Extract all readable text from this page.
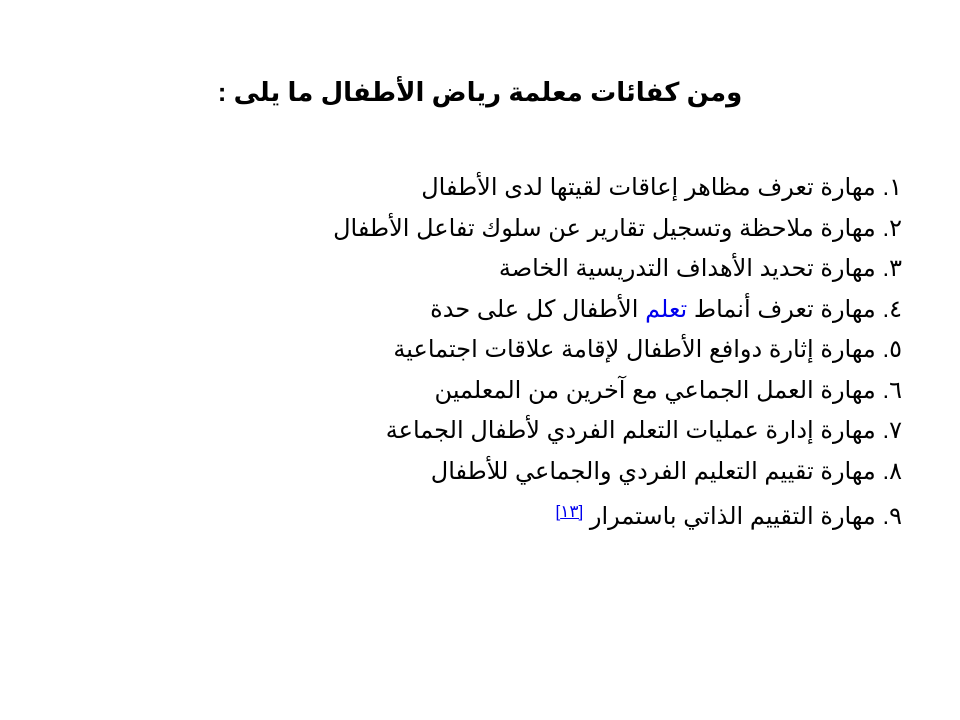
ومن كفائات معلمة رياض الأطفال ما يلى :
١. مهارة تعرف مظاهر إعاقات لقيتها لدى الأطفال
٢. مهارة ملاحظة وتسجيل تقارير عن سلوك تفاعل الأطفال
٣. مهارة تحديد الأهداف التدريسية الخاصة
٤. مهارة تعرف أنماط تعلم الأطفال كل على حدة
٥. مهارة إثارة دوافع الأطفال لإقامة علاقات اجتماعية
٦. مهارة العمل الجماعي مع آخرين من المعلمين
٧. مهارة إدارة عمليات التعلم الفردي لأطفال الجماعة
٨. مهارة تقييم التعليم الفردي والجماعي للأطفال
٩. مهارة التقييم الذاتي باستمرار [١٣]
